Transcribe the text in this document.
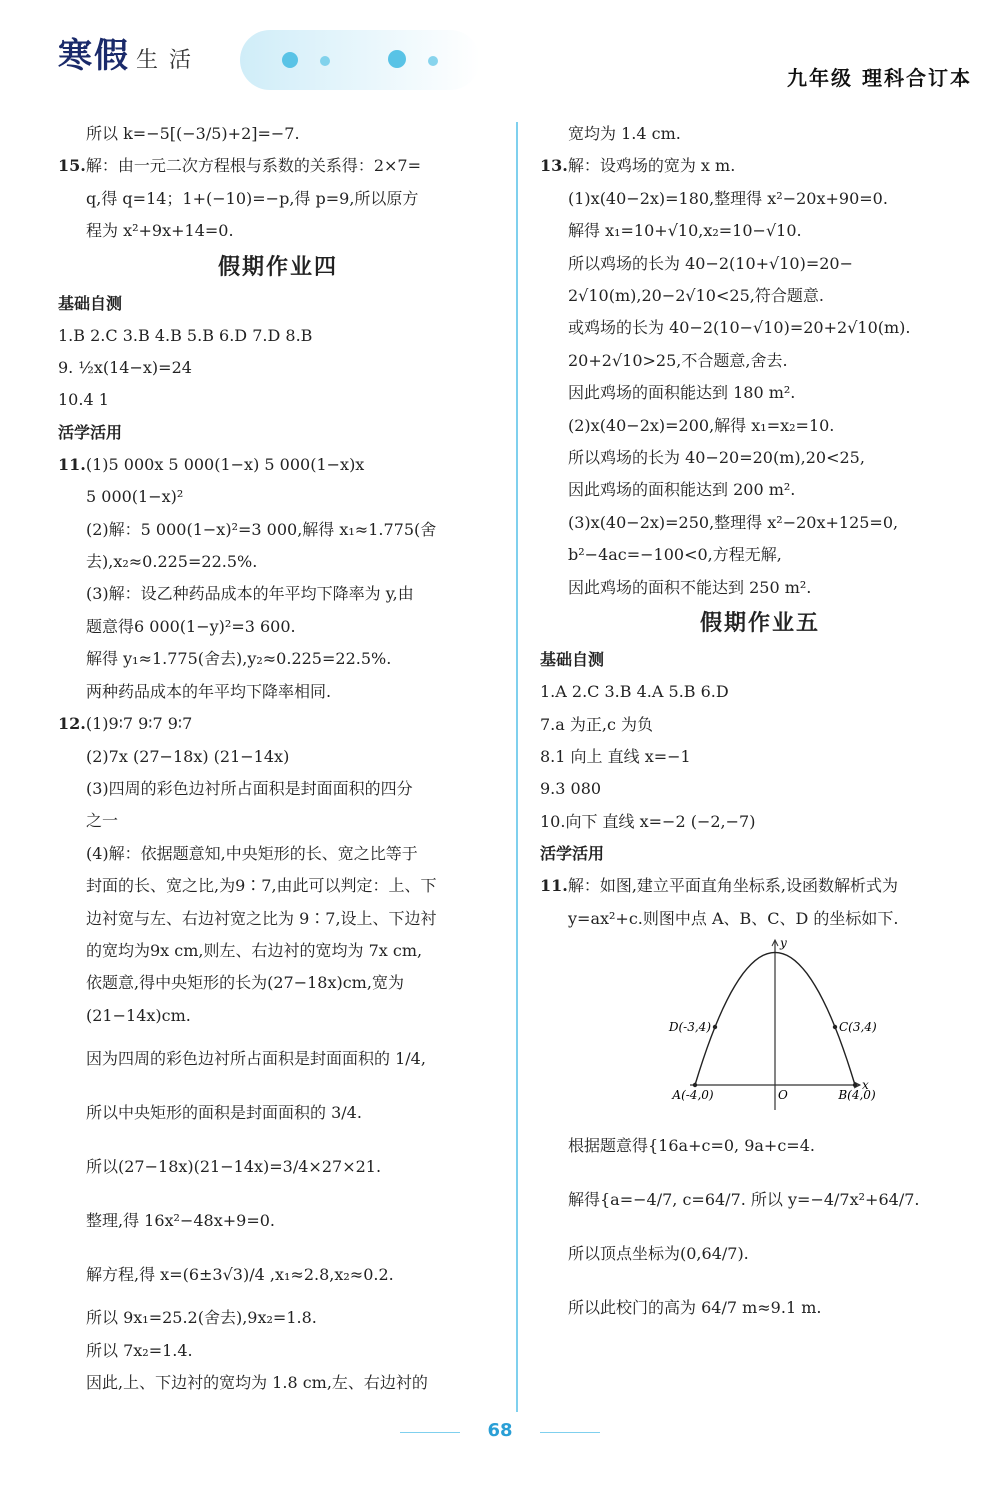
寒假 生 活
九年级 理科合订本
所以 k=−5[(−3/5)+2]=−7.
15.解：由一元二次方程根与系数的关系得：2×7=
q,得 q=14；1+(−10)=−p,得 p=9,所以原方
程为 x²+9x+14=0.
假期作业四
基础自测
1.B 2.C 3.B 4.B 5.B 6.D 7.D 8.B
9. ½x(14−x)=24
10.4 1
活学活用
11.(1)5 000x 5 000(1−x) 5 000(1−x)x
5 000(1−x)²
(2)解：5 000(1−x)²=3 000,解得 x₁≈1.775(舍
去),x₂≈0.225=22.5%.
(3)解：设乙种药品成本的年平均下降率为 y,由
题意得6 000(1−y)²=3 600.
解得 y₁≈1.775(舍去),y₂≈0.225=22.5%.
两种药品成本的年平均下降率相同.
12.(1)9∶7 9∶7 9∶7
(2)7x (27−18x) (21−14x)
(3)四周的彩色边衬所占面积是封面面积的四分
之一
(4)解：依据题意知,中央矩形的长、宽之比等于
封面的长、宽之比,为9∶7,由此可以判定：上、下
边衬宽与左、右边衬宽之比为 9∶7,设上、下边衬
的宽均为9x cm,则左、右边衬的宽均为 7x cm,
依题意,得中央矩形的长为(27−18x)cm,宽为
(21−14x)cm.
因为四周的彩色边衬所占面积是封面面积的 1/4,
所以中央矩形的面积是封面面积的 3/4.
所以(27−18x)(21−14x)=3/4×27×21.
整理,得 16x²−48x+9=0.
解方程,得 x=(6±3√3)/4 ,x₁≈2.8,x₂≈0.2.
所以 9x₁=25.2(舍去),9x₂=1.8.
所以 7x₂=1.4.
因此,上、下边衬的宽均为 1.8 cm,左、右边衬的
宽均为 1.4 cm.
13.解：设鸡场的宽为 x m.
(1)x(40−2x)=180,整理得 x²−20x+90=0.
解得 x₁=10+√10,x₂=10−√10.
所以鸡场的长为 40−2(10+√10)=20−
2√10(m),20−2√10<25,符合题意.
或鸡场的长为 40−2(10−√10)=20+2√10(m).
20+2√10>25,不合题意,舍去.
因此鸡场的面积能达到 180 m².
(2)x(40−2x)=200,解得 x₁=x₂=10.
所以鸡场的长为 40−20=20(m),20<25,
因此鸡场的面积能达到 200 m².
(3)x(40−2x)=250,整理得 x²−20x+125=0,
b²−4ac=−100<0,方程无解,
因此鸡场的面积不能达到 250 m².
假期作业五
基础自测
1.A 2.C 3.B 4.A 5.B 6.D
7.a 为正,c 为负
8.1 向上 直线 x=−1
9.3 080
10.向下 直线 x=−2 (−2,−7)
活学活用
11.解：如图,建立平面直角坐标系,设函数解析式为
y=ax²+c.则图中点 A、B、C、D 的坐标如下.
x
y
O
D(-3,4)	C(3,4)
A(-4,0)	B(4,0)
根据题意得{16a+c=0, 9a+c=4.
解得{a=−4/7, c=64/7. 所以 y=−4/7x²+64/7.
所以顶点坐标为(0,64/7).
所以此校门的高为 64/7 m≈9.1 m.
68
